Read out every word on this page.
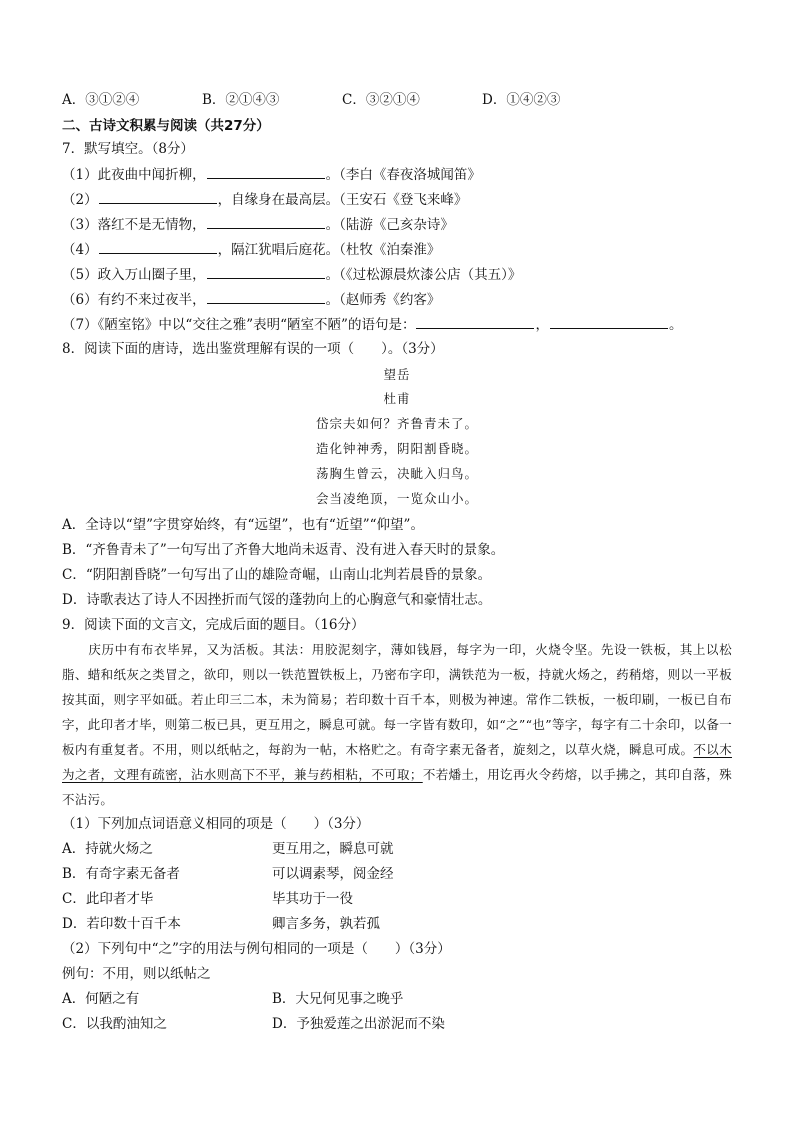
A．③①②④	B．②①④③	C．③②①④	D．①④②③
二、古诗文积累与阅读（共27分）
7．默写填空。（8分）
（1）此夜曲中闻折柳，	。（李白《春夜洛城闻笛》
（2）	，自缘身在最高层。（王安石《登飞来峰》
（3）落红不是无情物，	。（陆游《己亥杂诗》
（4）	，隔江犹唱后庭花。（杜牧《泊秦淮》
（5）政入万山圈子里，	。（《过松源晨炊漆公店（其五）》
（6）有约不来过夜半，	。（赵师秀《约客》
（7）《陋室铭》中以“交往之雅”表明“陋室不陋”的语句是：	，	。
8．阅读下面的唐诗，选出鉴赏理解有误的一项（　　）。（3分）
望岳
杜甫
岱宗夫如何？齐鲁青未了。
造化钟神秀，阴阳割昏晓。
荡胸生曾云，决眦入归鸟。
会当凌绝顶，一览众山小。
A．全诗以“望”字贯穿始终，有“远望”，也有“近望”“仰望”。
B．“齐鲁青未了”一句写出了齐鲁大地尚未返青、没有进入春天时的景象。
C．“阴阳割昏晓”一句写出了山的雄险奇崛，山南山北判若晨昏的景象。
D．诗歌表达了诗人不因挫折而气馁的蓬勃向上的心胸意气和豪情壮志。
9．阅读下面的文言文，完成后面的题目。（16分）
庆历中有布衣毕昇，又为活板。其法：用胶泥刻字，薄如钱唇，每字为一印，火烧令坚。先设一铁板，其上以松脂、蜡和纸灰之类冒之，欲印，则以一铁范置铁板上，乃密布字印，满铁范为一板，持就火炀之，药稍熔，则以一平板按其面，则字平如砥。若止印三二本，未为简易；若印数十百千本，则极为神速。常作二铁板，一板印刷，一板已自布字，此印者才毕，则第二板已具，更互用之，瞬息可就。每一字皆有数印，如“之”“也”等字，每字有二十余印，以备一板内有重复者。不用，则以纸帖之，每韵为一帖，木格贮之。有奇字素无备者，旋刻之，以草火烧，瞬息可成。不以木为之者，文理有疏密，沾水则高下不平，兼与药相粘，不可取；不若燔土，用讫再火令药熔，以手拂之，其印自落，殊不沾污。
（1）下列加点词语意义相同的项是（　　）（3分）
A．持就火炀之	更互用之，瞬息可就
B．有奇字素无备者	可以调素琴，阅金经
C．此印者才毕	毕其功于一役
D．若印数十百千本	卿言多务，孰若孤
（2）下列句中“之”字的用法与例句相同的一项是（　　）（3分）
例句：不用，则以纸帖之
A．何陋之有	B．大兄何见事之晚乎
C．以我酌油知之	D．予独爱莲之出淤泥而不染
